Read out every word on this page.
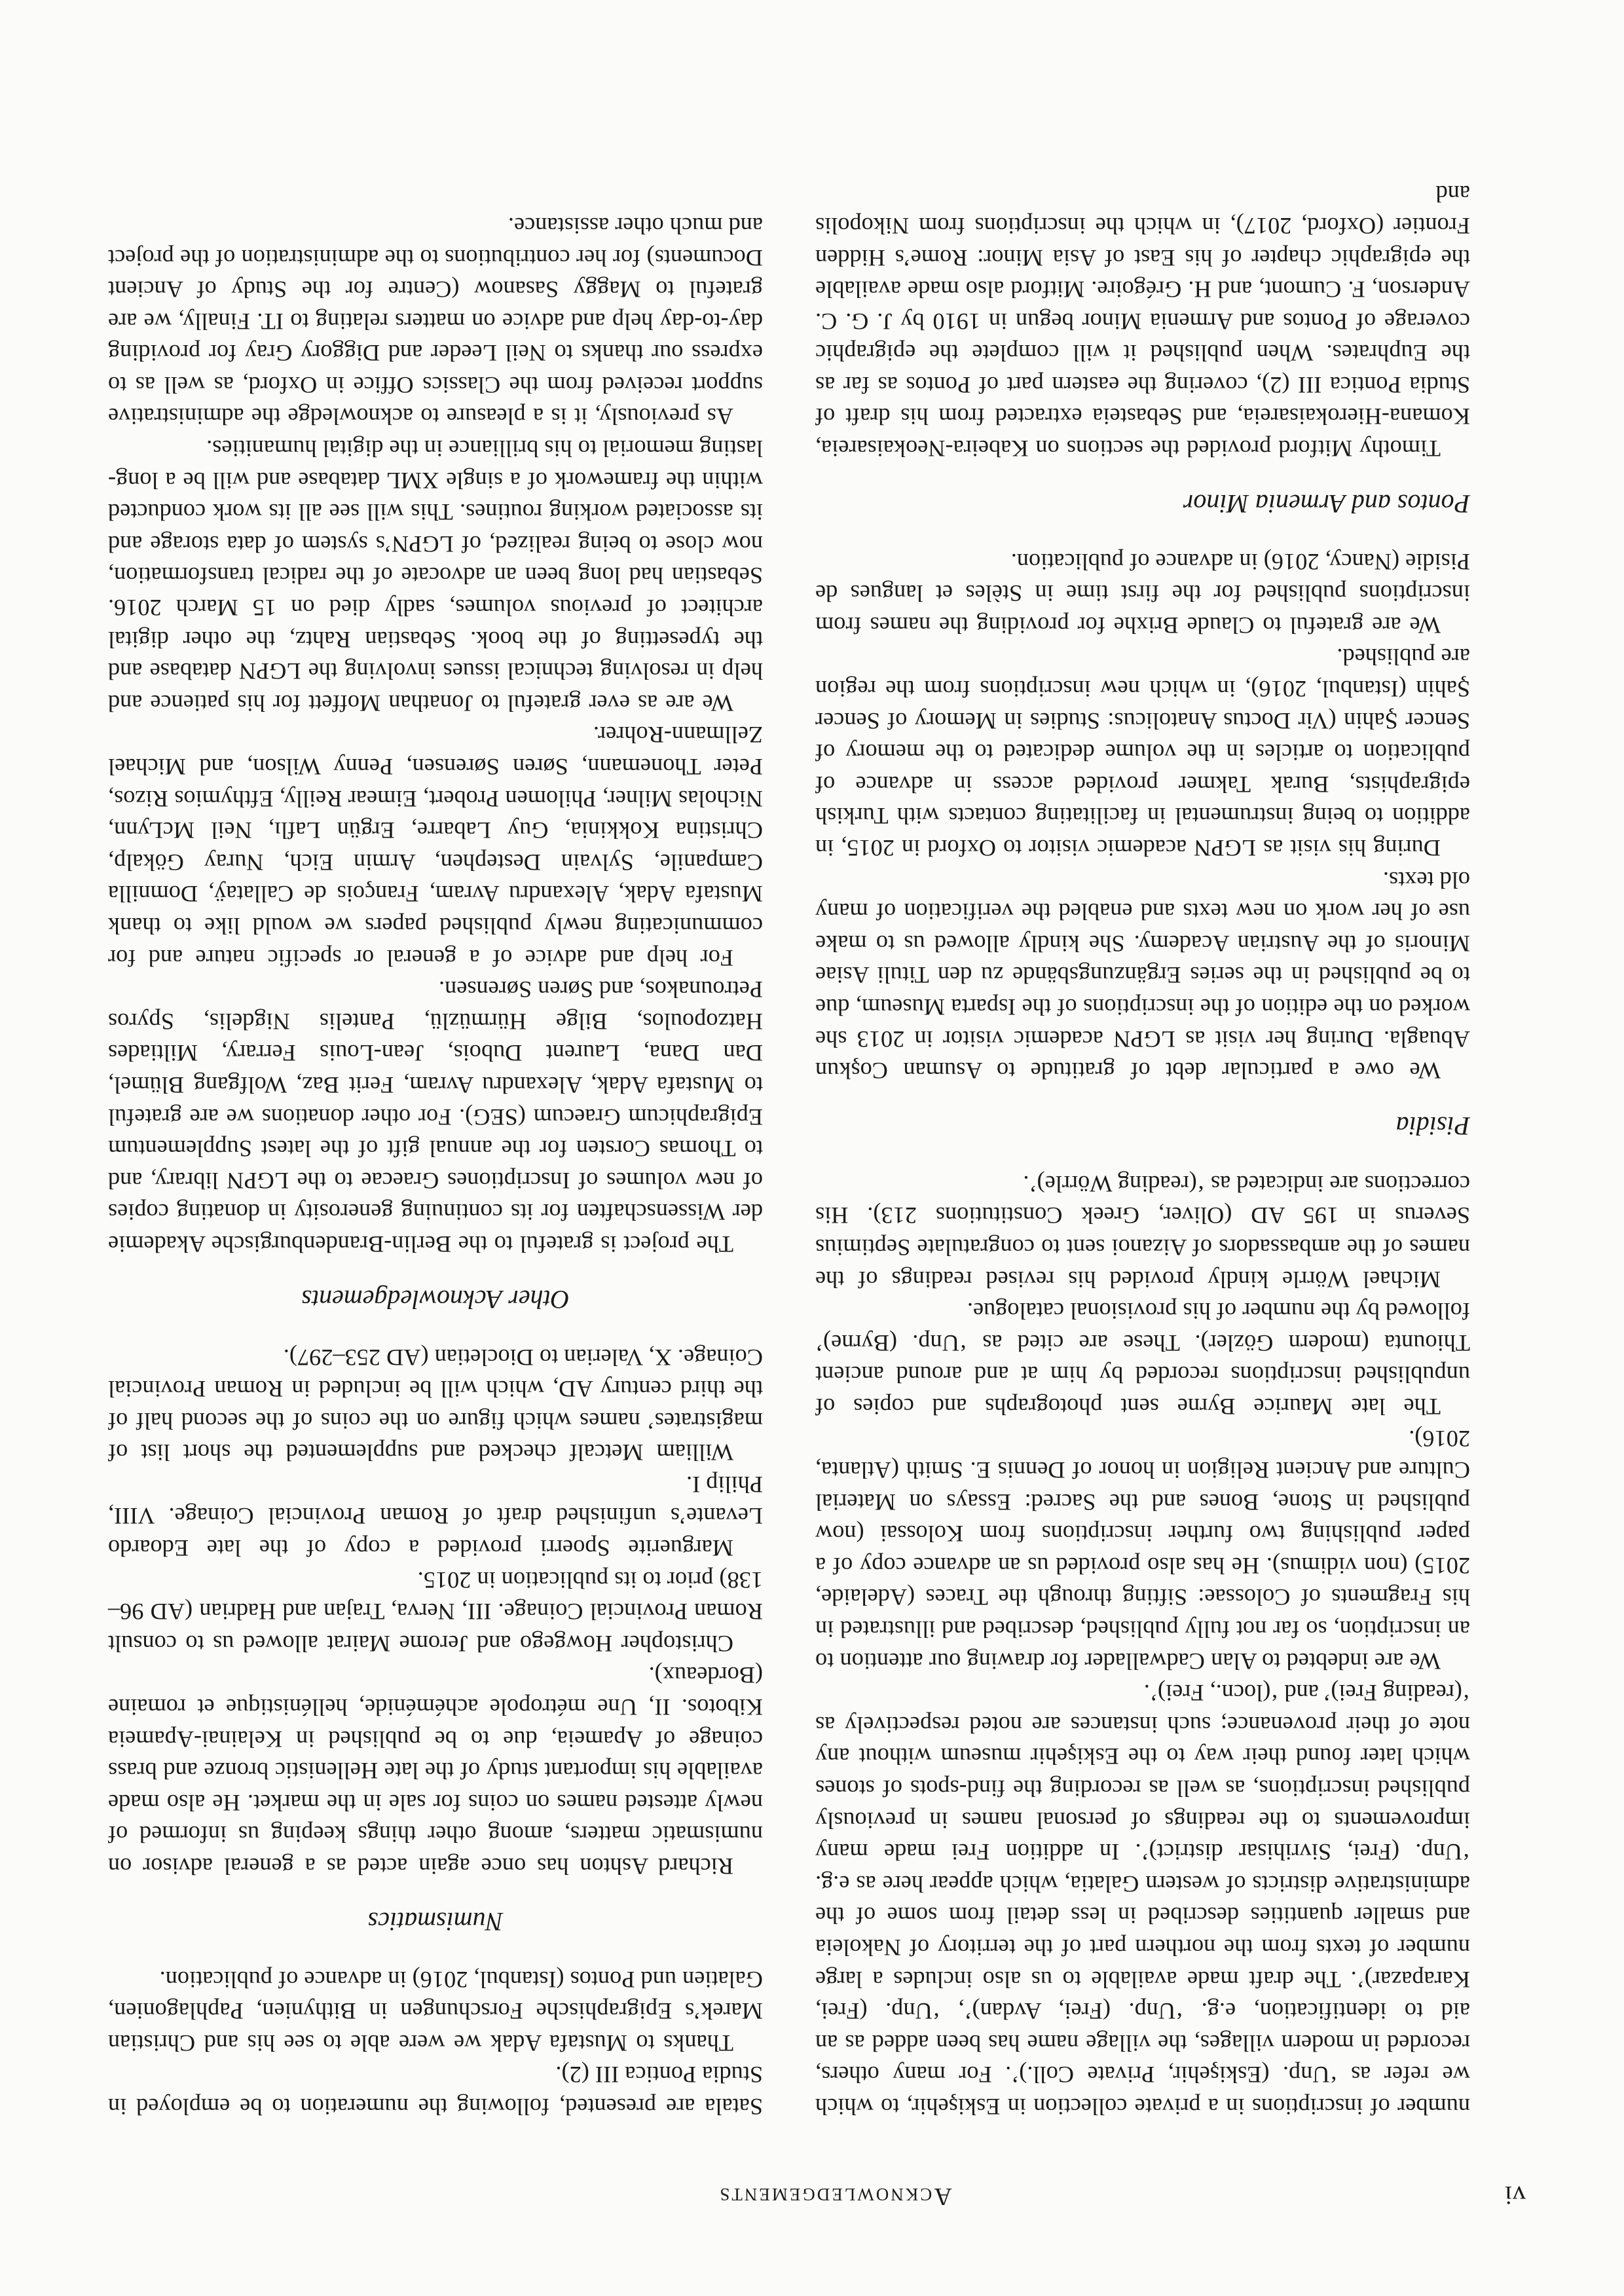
vi
Acknowledgements

number of inscriptions in a private collection in Eskişehir, to which we refer as ‘Unp. (Eskişehir, Private Coll.)’. For many others, recorded in modern villages, the village name has been added as an aid to identification, e.g. ‘Unp. (Frei, Avdan)’, ‘Unp. (Frei, Karapazar)’. The draft made available to us also includes a large number of texts from the northern part of the territory of Nakoleia and smaller quantities described in less detail from some of the administrative districts of western Galatia, which appear here as e.g. ‘Unp. (Frei, Sivrihisar district)’. In addition Frei made many improvements to the readings of personal names in previously published inscriptions, as well as recording the find-spots of stones which later found their way to the Eskişehir museum without any note of their provenance; such instances are noted respectively as ‘(reading Frei)’ and ‘(locn., Frei)’.

We are indebted to Alan Cadwallader for drawing our attention to an inscription, so far not fully published, described and illustrated in his Fragments of Colossae: Sifting through the Traces (Adelaide, 2015) (non vidimus). He has also provided us an advance copy of a paper publishing two further inscriptions from Kolossai (now published in Stone, Bones and the Sacred: Essays on Material Culture and Ancient Religion in honor of Dennis E. Smith (Atlanta, 2016).

The late Maurice Byrne sent photographs and copies of unpublished inscriptions recorded by him at and around ancient Thiounta (modern Gözler). These are cited as ‘Unp. (Byrne)’ followed by the number of his provisional catalogue.

Michael Wörrle kindly provided his revised readings of the names of the ambassadors of Aizanoi sent to congratulate Septimius Severus in 195 AD (Oliver, Greek Constitutions 213). His corrections are indicated as ‘(reading Wörrle)’.

Pisidia

We owe a particular debt of gratitude to Asuman Coşkun Abuagla. During her visit as LGPN academic visitor in 2013 she worked on the edition of the inscriptions of the Isparta Museum, due to be published in the series Ergänzungsbände zu den Tituli Asiae Minoris of the Austrian Academy. She kindly allowed us to make use of her work on new texts and enabled the verification of many old texts.

During his visit as LGPN academic visitor to Oxford in 2015, in addition to being instrumental in facilitating contacts with Turkish epigraphists, Burak Takmer provided access in advance of publication to articles in the volume dedicated to the memory of Sencer Şahin (Vir Doctus Anatolicus: Studies in Memory of Sencer Şahin (Istanbul, 2016), in which new inscriptions from the region are published.

We are grateful to Claude Brixhe for providing the names from inscriptions published for the first time in Stèles et langues de Pisidie (Nancy, 2016) in advance of publication.

Pontos and Armenia Minor

Timothy Mitford provided the sections on Kabeira-Neokaisareia, Komana-Hierokaisareia, and Sebasteia extracted from his draft of Studia Pontica III (2), covering the eastern part of Pontos as far as the Euphrates. When published it will complete the epigraphic coverage of Pontos and Armenia Minor begun in 1910 by J. G. C. Anderson, F. Cumont, and H. Grégoire. Mitford also made available the epigraphic chapter of his East of Asia Minor: Rome’s Hidden Frontier (Oxford, 2017), in which the inscriptions from Nikopolis and

Satala are presented, following the numeration to be employed in Studia Pontica III (2).

Thanks to Mustafa Adak we were able to see his and Christian Marek’s Epigraphische Forschungen in Bithynien, Paphlagonien, Galatien und Pontos (Istanbul, 2016) in advance of publication.

Numismatics

Richard Ashton has once again acted as a general advisor on numismatic matters, among other things keeping us informed of newly attested names on coins for sale in the market. He also made available his important study of the late Hellenistic bronze and brass coinage of Apameia, due to be published in Kelainai-Apameia Kibotos. II, Une métropole achéménide, hellénistique et romaine (Bordeaux).

Christopher Howgego and Jerome Mairat allowed us to consult Roman Provincial Coinage. III, Nerva, Trajan and Hadrian (AD 96–138) prior to its publication in 2015.

Marguerite Spoerri provided a copy of the late Edoardo Levante’s unfinished draft of Roman Provincial Coinage. VIII, Philip I.

William Metcalf checked and supplemented the short list of magistrates’ names which figure on the coins of the second half of the third century AD, which will be included in Roman Provincial Coinage. X, Valerian to Diocletian (AD 253–297).

Other Acknowledgements

The project is grateful to the Berlin-Brandenburgische Akademie der Wissenschaften for its continuing generosity in donating copies of new volumes of Inscriptiones Graecae to the LGPN library, and to Thomas Corsten for the annual gift of the latest Supplementum Epigraphicum Graecum (SEG). For other donations we are grateful to Mustafa Adak, Alexandru Avram, Ferit Baz, Wolfgang Blümel, Dan Dana, Laurent Dubois, Jean-Louis Ferrary, Miltiades Hatzopoulos, Bilge Hürmüzlü, Pantelis Nigdelis, Spyros Petrounakos, and Søren Sørensen.

For help and advice of a general or specific nature and for communicating newly published papers we would like to thank Mustafa Adak, Alexandru Avram, François de Callataÿ, Domnilla Campanile, Sylvain Destephen, Armin Eich, Nuray Gökalp, Christina Kokkinia, Guy Labarre, Ergün Laflı, Neil McLynn, Nicholas Milner, Philomen Probert, Eimear Reilly, Efthymios Rizos, Peter Thonemann, Søren Sørensen, Penny Wilson, and Michael Zellmann-Rohrer.

We are as ever grateful to Jonathan Moffett for his patience and help in resolving technical issues involving the LGPN database and the typesetting of the book. Sebastian Rahtz, the other digital architect of previous volumes, sadly died on 15 March 2016. Sebastian had long been an advocate of the radical transformation, now close to being realized, of LGPN’s system of data storage and its associated working routines. This will see all its work conducted within the framework of a single XML database and will be a long-lasting memorial to his brilliance in the digital humanities.

As previously, it is a pleasure to acknowledge the administrative support received from the Classics Office in Oxford, as well as to express our thanks to Neil Leeder and Diggory Gray for providing day-to-day help and advice on matters relating to IT. Finally, we are grateful to Maggy Sasanow (Centre for the Study of Ancient Documents) for her contributions to the administration of the project and much other assistance.
